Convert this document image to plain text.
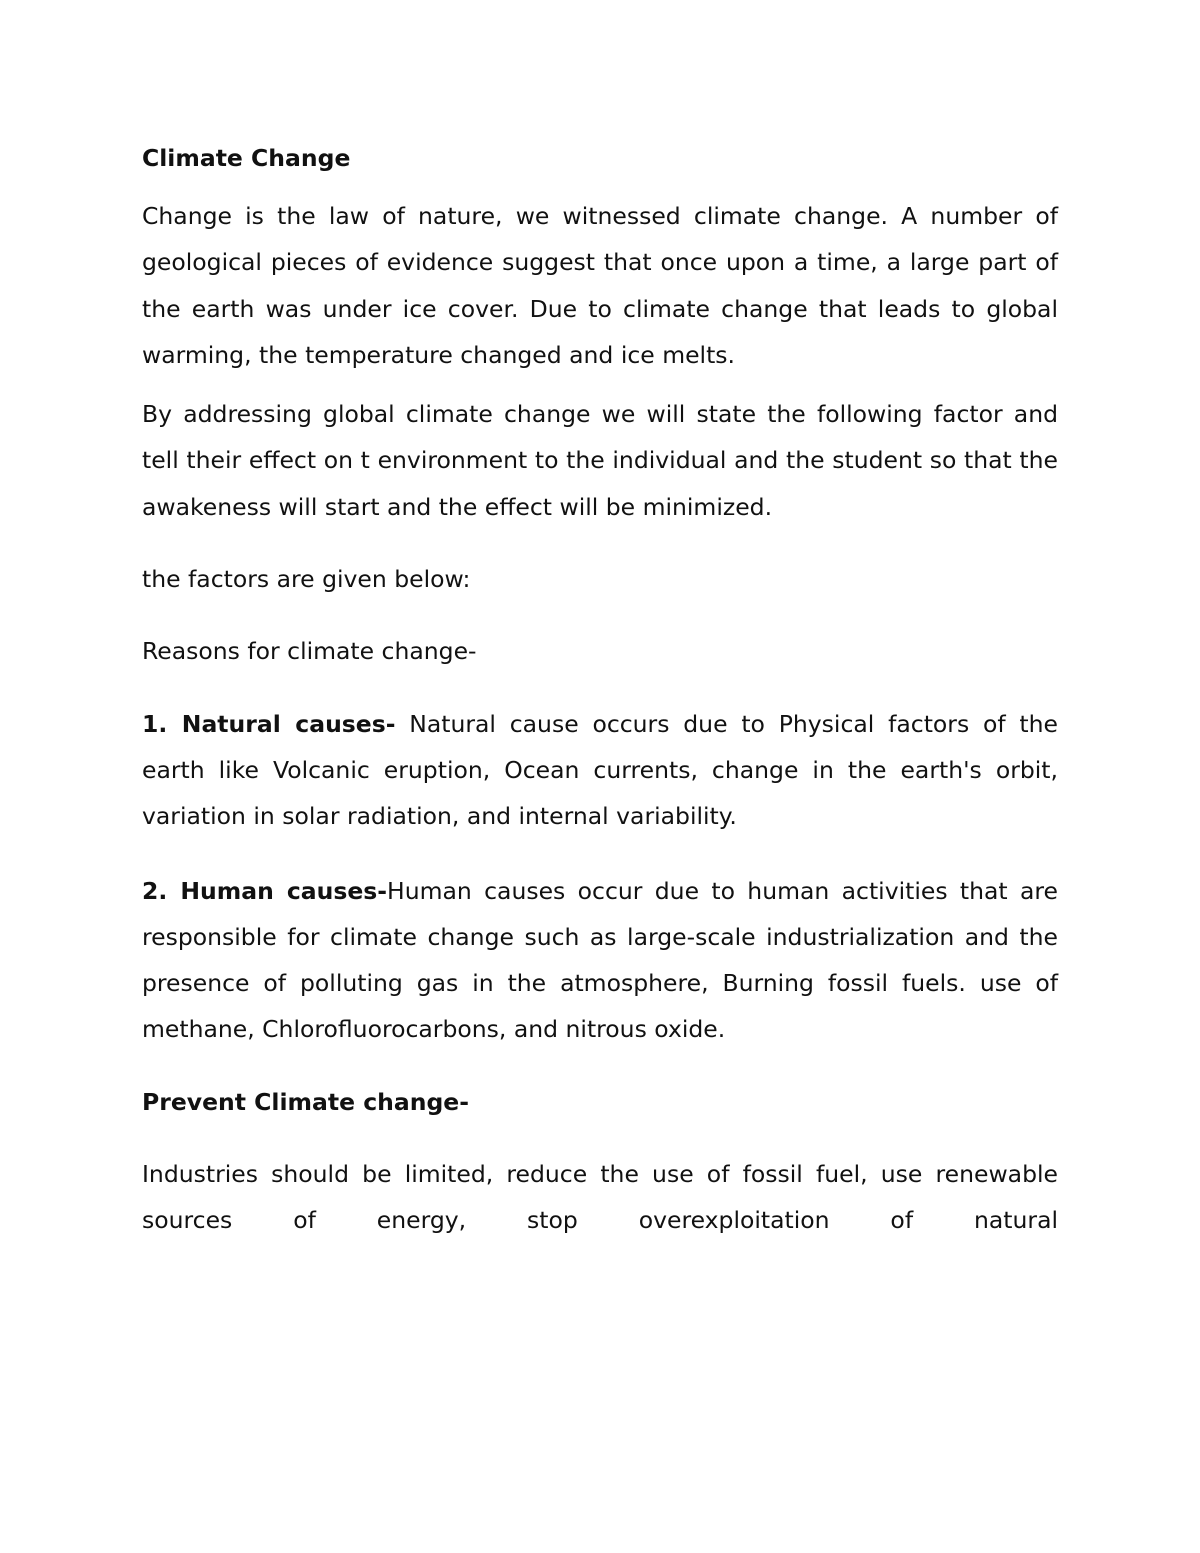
Climate Change

Change is the law of nature, we witnessed climate change. A number of geological pieces of evidence suggest that once upon a time, a large part of the earth was under ice cover. Due to climate change that leads to global warming, the temperature changed and ice melts.

By addressing global climate change we will state the following factor and tell their effect on t environment to the individual and the student so that the awakeness will start and the effect will be minimized.

the factors are given below:

Reasons for climate change-

1. Natural causes- Natural cause occurs due to Physical factors of the earth like Volcanic eruption, Ocean currents, change in the earth's orbit, variation in solar radiation, and internal variability.

2. Human causes-Human causes occur due to human activities that are responsible for climate change such as large-scale industrialization and the presence of polluting gas in the atmosphere, Burning fossil fuels. use of methane, Chlorofluorocarbons, and nitrous oxide.

Prevent Climate change-

Industries should be limited, reduce the use of fossil fuel, use renewable sources of energy, stop overexploitation of natural
